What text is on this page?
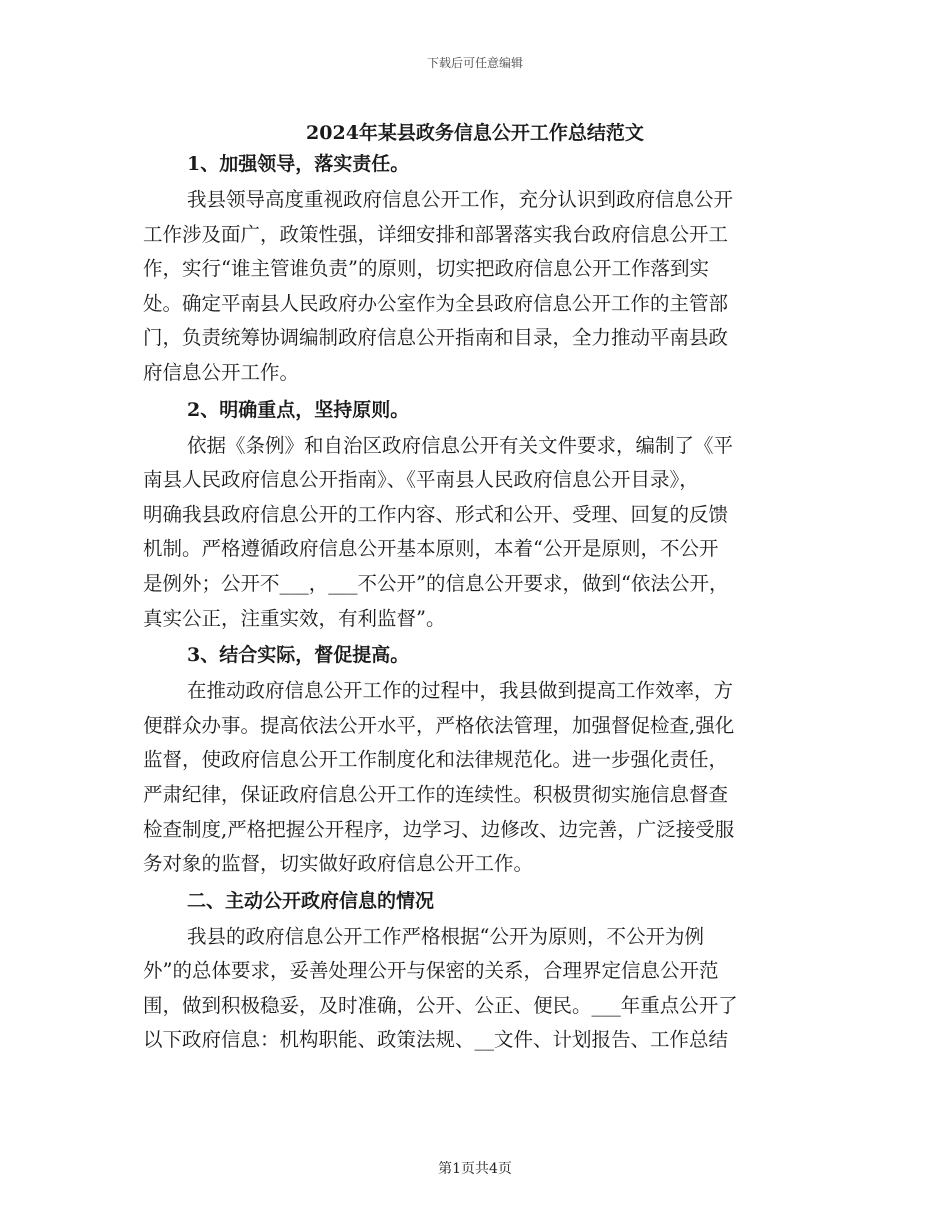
下载后可任意编辑
2024年某县政务信息公开工作总结范文
1、加强领导，落实责任。

我县领导高度重视政府信息公开工作，充分认识到政府信息公开
工作涉及面广，政策性强，详细安排和部署落实我台政府信息公开工
作，实行“谁主管谁负责”的原则，切实把政府信息公开工作落到实
处。确定平南县人民政府办公室作为全县政府信息公开工作的主管部
门，负责统筹协调编制政府信息公开指南和目录，全力推动平南县政
府信息公开工作。

2、明确重点，坚持原则。

依据《条例》和自治区政府信息公开有关文件要求，编制了《平
南县人民政府信息公开指南》、《平南县人民政府信息公开目录》，
明确我县政府信息公开的工作内容、形式和公开、受理、回复的反馈
机制。严格遵循政府信息公开基本原则，本着“公开是原则，不公开
是例外；公开不___，___不公开”的信息公开要求，做到“依法公开，
真实公正，注重实效，有利监督”。

3、结合实际，督促提高。

在推动政府信息公开工作的过程中，我县做到提高工作效率，方
便群众办事。提高依法公开水平，严格依法管理，加强督促检查,强化
监督，使政府信息公开工作制度化和法律规范化。进一步强化责任，
严肃纪律，保证政府信息公开工作的连续性。积极贯彻实施信息督查
检查制度,严格把握公开程序，边学习、边修改、边完善，广泛接受服
务对象的监督，切实做好政府信息公开工作。

二、主动公开政府信息的情况

我县的政府信息公开工作严格根据“公开为原则，不公开为例
外”的总体要求，妥善处理公开与保密的关系，合理界定信息公开范
围，做到积极稳妥，及时准确，公开、公正、便民。___年重点公开了
以下政府信息：机构职能、政策法规、__文件、计划报告、工作总结

第1页共4页
